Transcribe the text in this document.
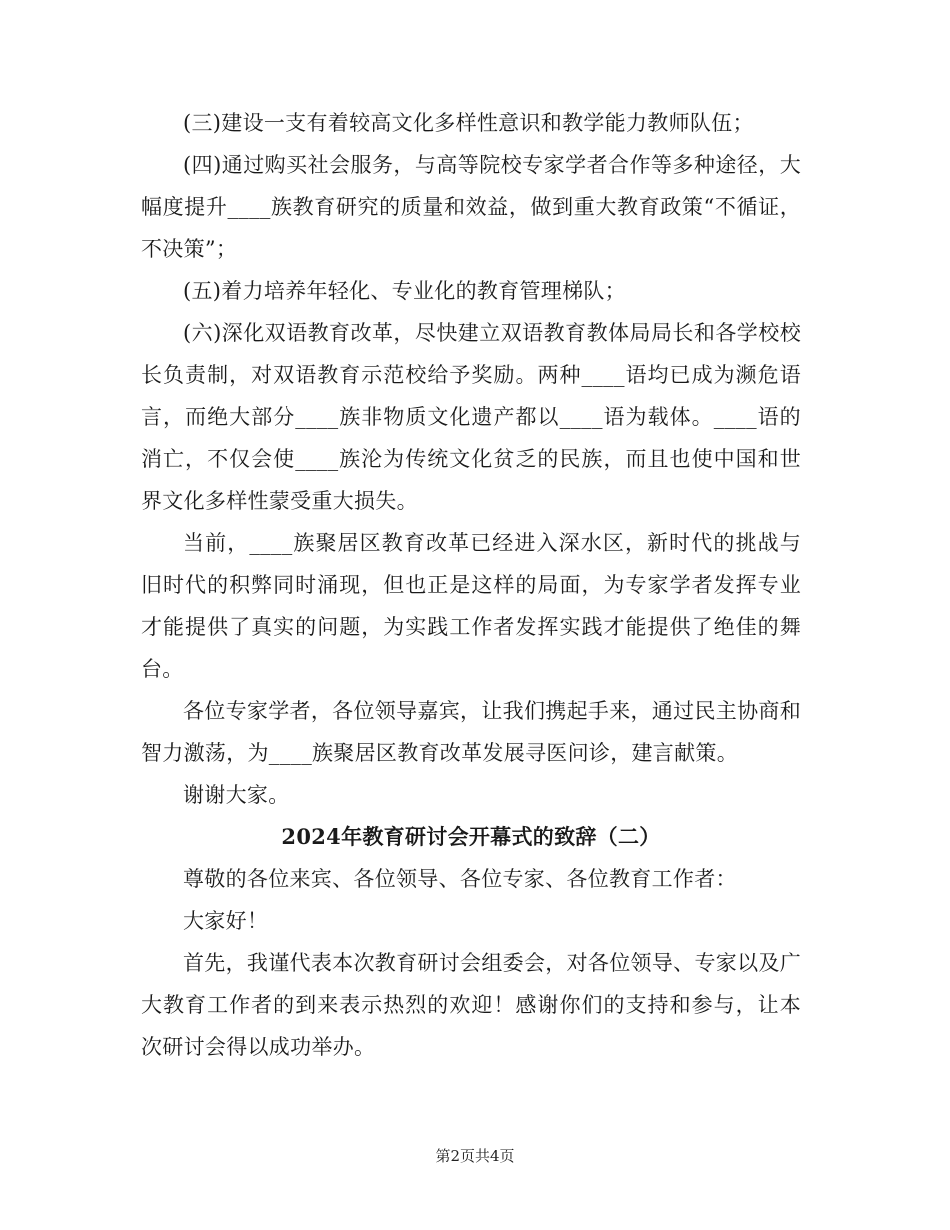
(三)建设一支有着较高文化多样性意识和教学能力教师队伍；

(四)通过购买社会服务，与高等院校专家学者合作等多种途径，大幅度提升____族教育研究的质量和效益，做到重大教育政策“不循证，不决策”；

(五)着力培养年轻化、专业化的教育管理梯队；

(六)深化双语教育改革，尽快建立双语教育教体局局长和各学校校长负责制，对双语教育示范校给予奖励。两种____语均已成为濒危语言，而绝大部分____族非物质文化遗产都以____语为载体。____语的消亡，不仅会使____族沦为传统文化贫乏的民族，而且也使中国和世界文化多样性蒙受重大损失。

当前，____族聚居区教育改革已经进入深水区，新时代的挑战与旧时代的积弊同时涌现，但也正是这样的局面，为专家学者发挥专业才能提供了真实的问题，为实践工作者发挥实践才能提供了绝佳的舞台。

各位专家学者，各位领导嘉宾，让我们携起手来，通过民主协商和智力激荡，为____族聚居区教育改革发展寻医问诊，建言献策。

谢谢大家。

2024年教育研讨会开幕式的致辞（二）

尊敬的各位来宾、各位领导、各位专家、各位教育工作者：

大家好！

首先，我谨代表本次教育研讨会组委会，对各位领导、专家以及广大教育工作者的到来表示热烈的欢迎！感谢你们的支持和参与，让本次研讨会得以成功举办。

第2页共4页
